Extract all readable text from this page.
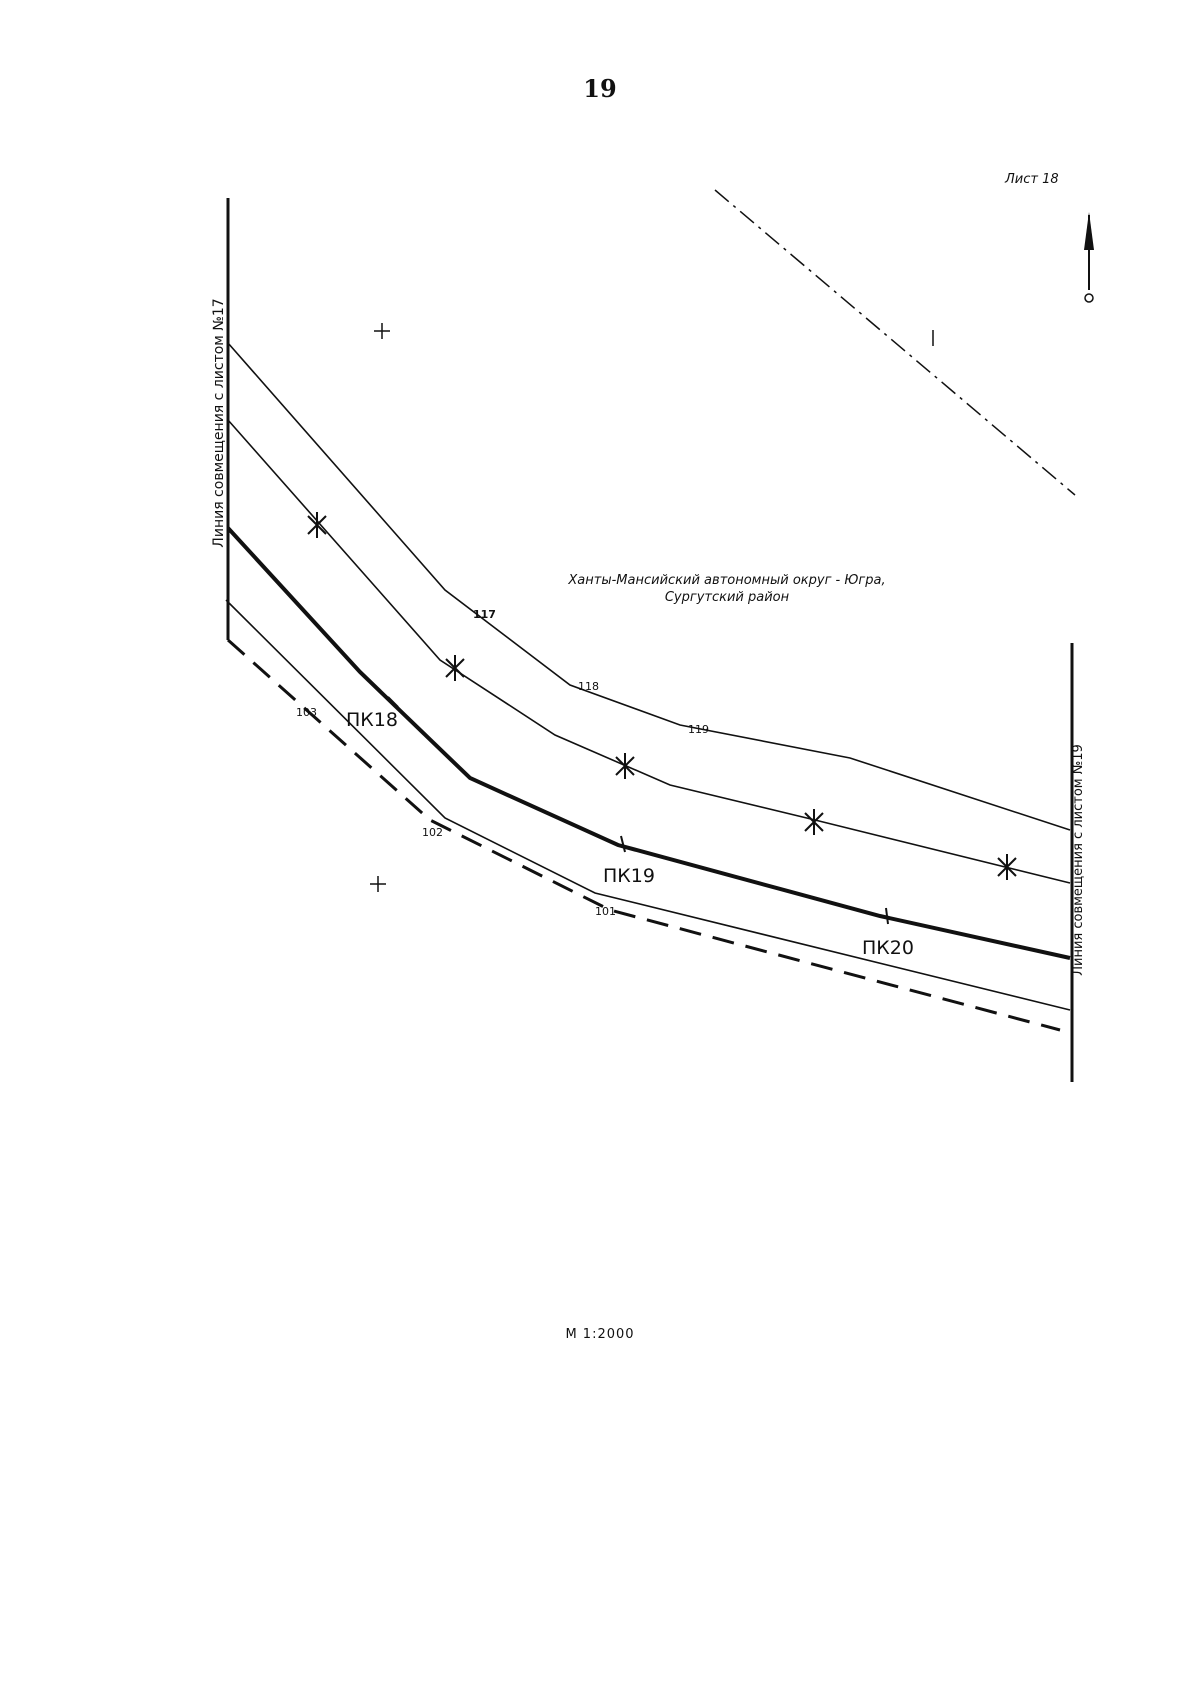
19
Лист 18
ПК18
ПК19
ПК20
117
118
119
101
102
103
Ханты-Мансийский автономный округ - Югра,
Сургутский район
Линия совмещения с листом №17
Линия совмещения с листом №19
М 1:2000
